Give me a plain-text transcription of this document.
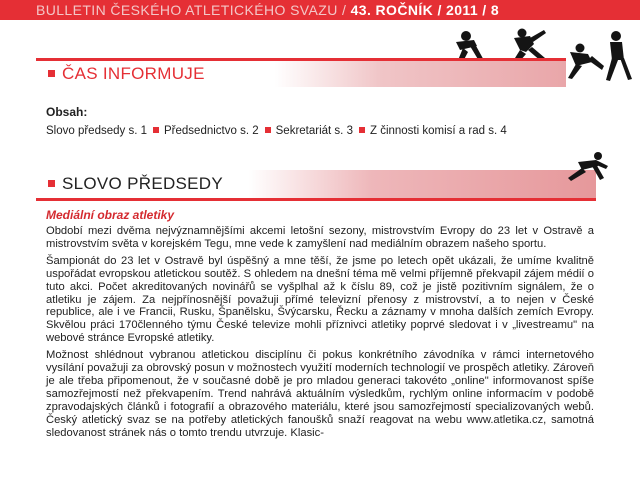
BULLETIN ČESKÉHO ATLETICKÉHO SVAZU / 43. ROČNÍK / 2011 / 8
ČAS INFORMUJE
Obsah:
Slovo předsedy s. 1 Předsednictvo s. 2 Sekretariát s. 3 Z činnosti komisí a rad s. 4
SLOVO PŘEDSEDY
Mediální obraz atletiky

Období mezi dvěma nejvýznamnějšími akcemi letošní sezony, mistrovstvím Evropy do 23 let v Ostravě a mistrovstvím světa v korejském Tegu, mne vede k zamyšlení nad mediálním obrazem našeho sportu.

Šampionát do 23 let v Ostravě byl úspěšný a mne těší, že jsme po letech opět ukázali, že umíme kvalitně uspořádat evropskou atletickou soutěž. S ohledem na dnešní téma mě velmi příjemně překvapil zájem médií o tuto akci. Počet akreditovaných novinářů se vyšplhal až k číslu 89, což je jistě pozitivním signálem, že o atletiku je zájem. Za nejpřínosnější považuji přímé televizní přenosy z mistrovství, a to nejen v České republice, ale i ve Francii, Rusku, Španělsku, Švýcarsku, Řecku a záznamy v mnoha dalších zemích Evropy. Skvělou práci 170členného týmu České televize mohli příznivci atletiky poprvé sledovat i v „livestreamu" na webové stránce Evropské atletiky.

Možnost shlédnout vybranou atletickou disciplínu či pokus konkrétního závodníka v rámci internetového vysílání považuji za obrovský posun v možnostech využití moderních technologií ve prospěch atletiky. Zároveň je ale třeba připomenout, že v současné době je pro mladou generaci takovéto „online" informovanost spíše samozřejmostí než překvapením. Trend nahrává aktuálním výsledkům, rychlým online informacím v podobě zpravodajských článků i fotografií a obrazového materiálu, které jsou samozřejmostí specializovaných webů. Český atletický svaz se na potřeby atletických fanoušků snaží reagovat na webu www.atletika.cz, samotná sledovanost stránek nás o tomto trendu utvrzuje. Klasic-
